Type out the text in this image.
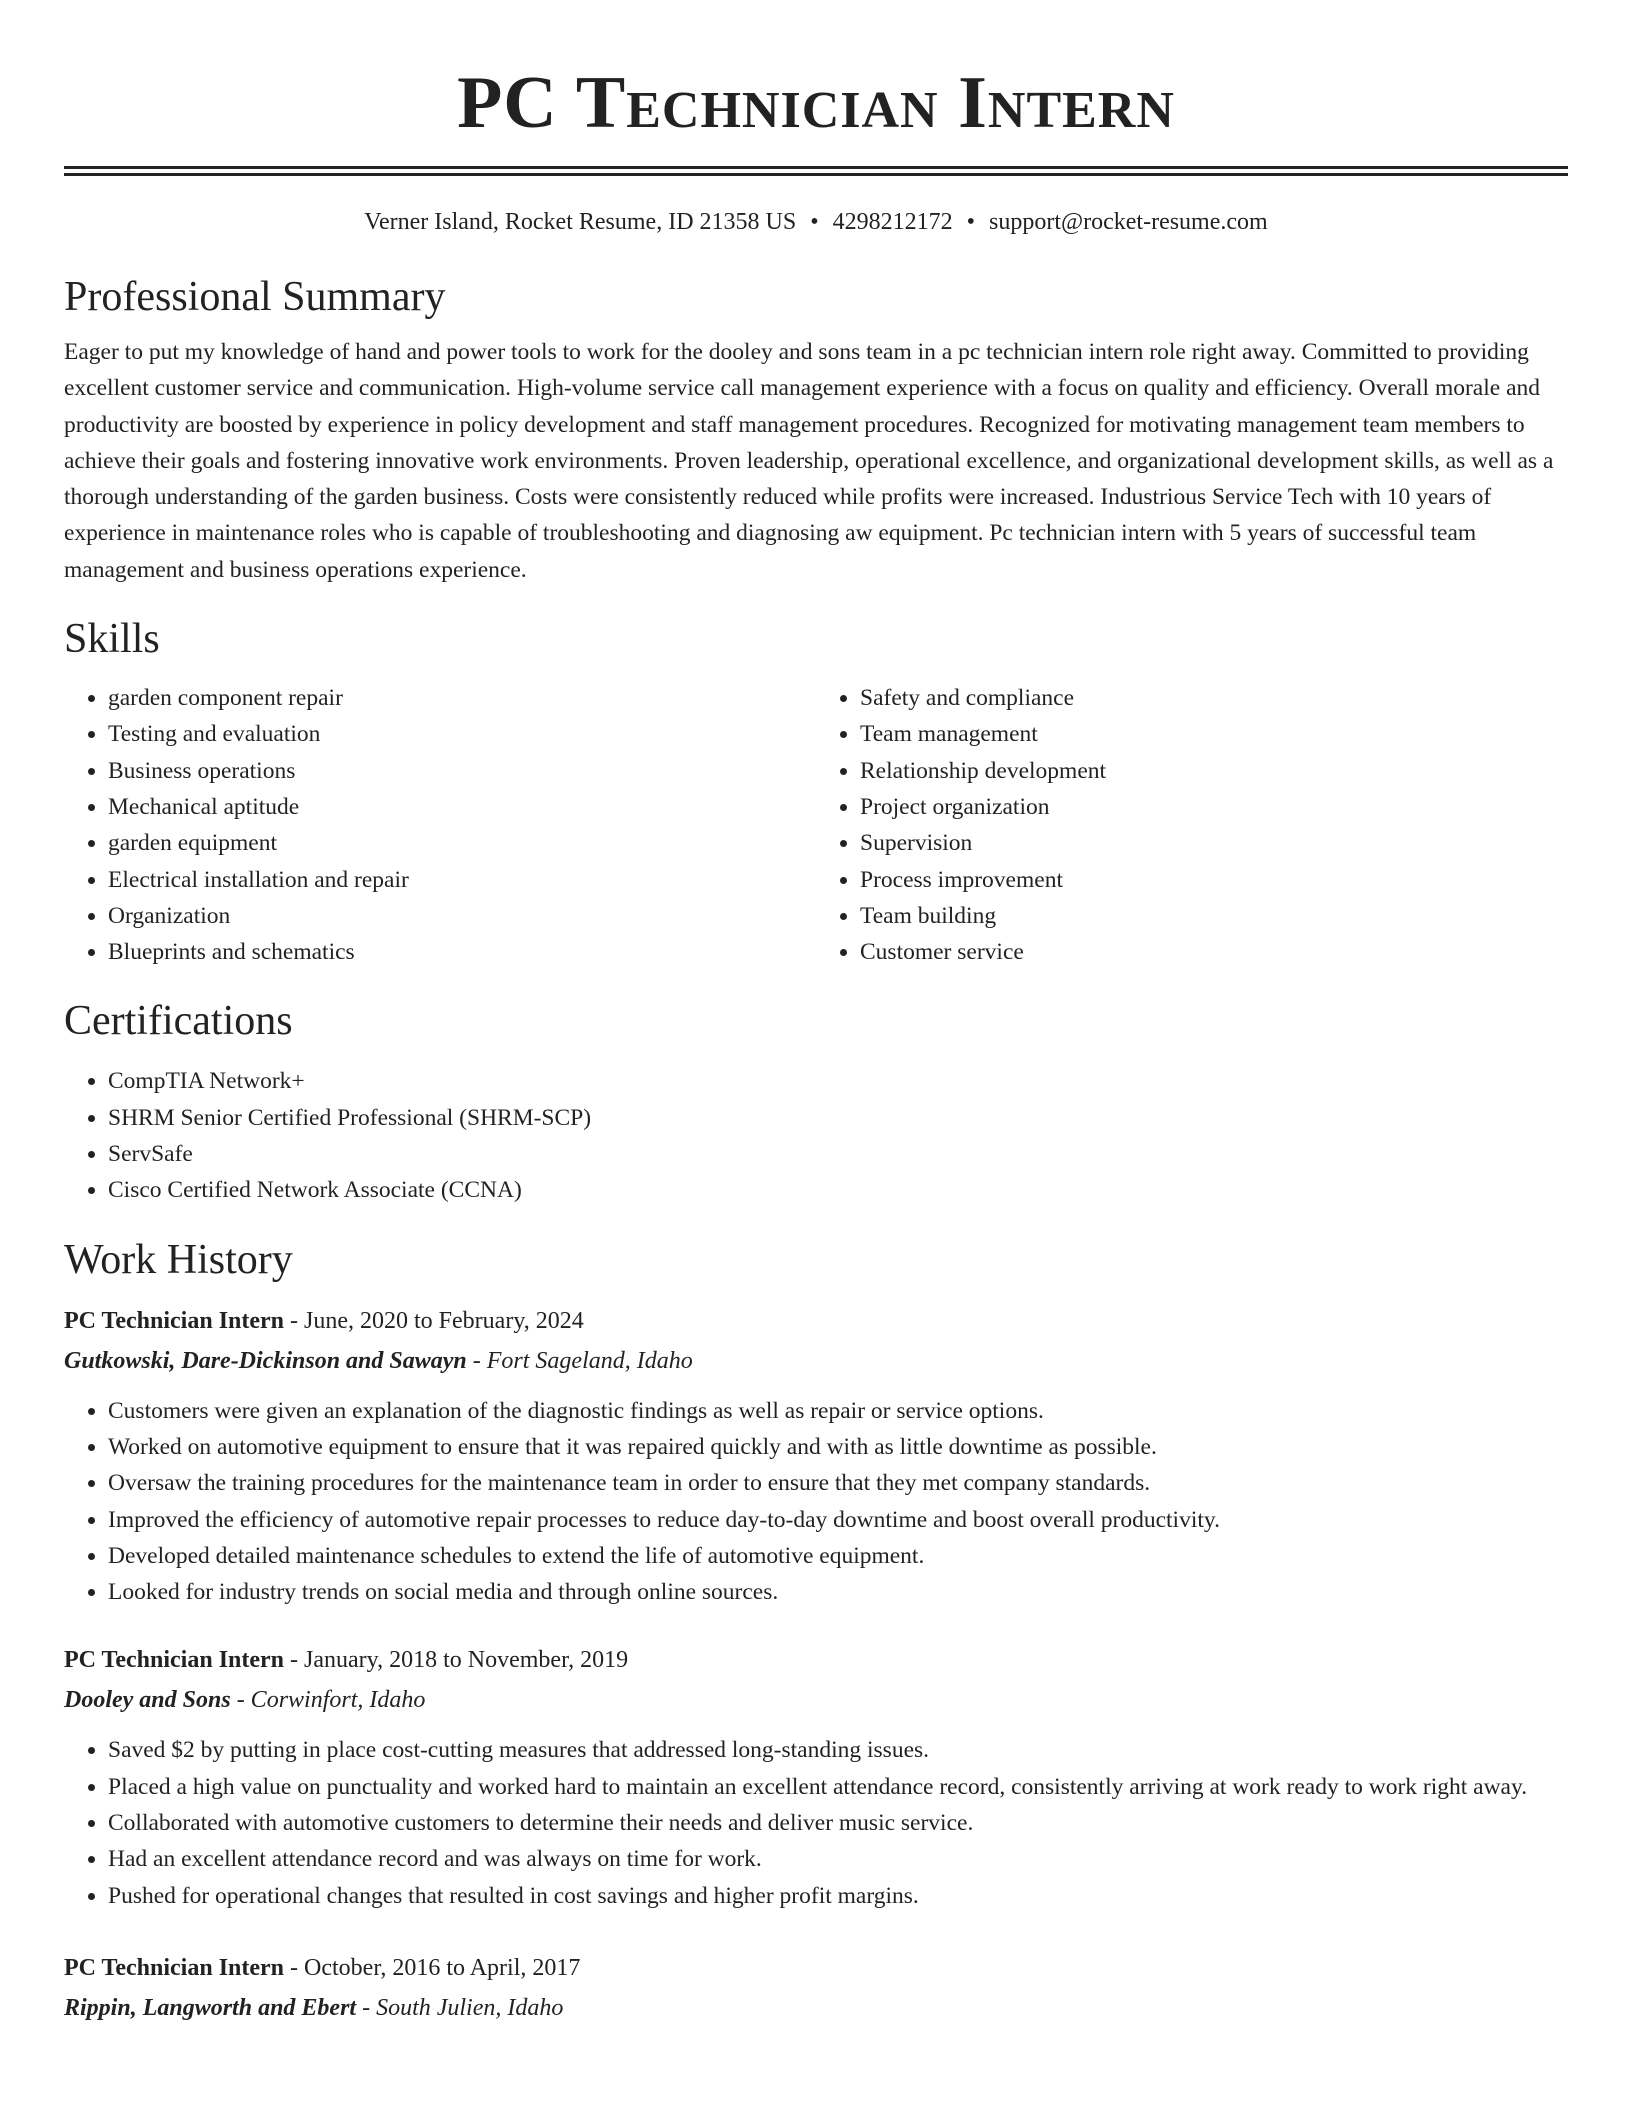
PC Technician Intern
Verner Island, Rocket Resume, ID 21358 US • 4298212172 • support@rocket-resume.com
Professional Summary

Eager to put my knowledge of hand and power tools to work for the dooley and sons team in a pc technician intern role right away. Committed to providing excellent customer service and communication. High-volume service call management experience with a focus on quality and efficiency. Overall morale and productivity are boosted by experience in policy development and staff management procedures. Recognized for motivating management team members to achieve their goals and fostering innovative work environments. Proven leadership, operational excellence, and organizational development skills, as well as a thorough understanding of the garden business. Costs were consistently reduced while profits were increased. Industrious Service Tech with 10 years of experience in maintenance roles who is capable of troubleshooting and diagnosing aw equipment. Pc technician intern with 5 years of successful team management and business operations experience.

Skills
• garden component repair
• Testing and evaluation
• Business operations
• Mechanical aptitude
• garden equipment
• Electrical installation and repair
• Organization
• Blueprints and schematics
• Safety and compliance
• Team management
• Relationship development
• Project organization
• Supervision
• Process improvement
• Team building
• Customer service
Certifications
• CompTIA Network+
• SHRM Senior Certified Professional (SHRM-SCP)
• ServSafe
• Cisco Certified Network Associate (CCNA)
Work History
PC Technician Intern - June, 2020 to February, 2024
Gutkowski, Dare-Dickinson and Sawayn - Fort Sageland, Idaho
• Customers were given an explanation of the diagnostic findings as well as repair or service options.
• Worked on automotive equipment to ensure that it was repaired quickly and with as little downtime as possible.
• Oversaw the training procedures for the maintenance team in order to ensure that they met company standards.
• Improved the efficiency of automotive repair processes to reduce day-to-day downtime and boost overall productivity.
• Developed detailed maintenance schedules to extend the life of automotive equipment.
• Looked for industry trends on social media and through online sources.
PC Technician Intern - January, 2018 to November, 2019
Dooley and Sons - Corwinfort, Idaho
• Saved $2 by putting in place cost-cutting measures that addressed long-standing issues.
• Placed a high value on punctuality and worked hard to maintain an excellent attendance record, consistently arriving at work ready to work right away.
• Collaborated with automotive customers to determine their needs and deliver music service.
• Had an excellent attendance record and was always on time for work.
• Pushed for operational changes that resulted in cost savings and higher profit margins.
PC Technician Intern - October, 2016 to April, 2017
Rippin, Langworth and Ebert - South Julien, Idaho
